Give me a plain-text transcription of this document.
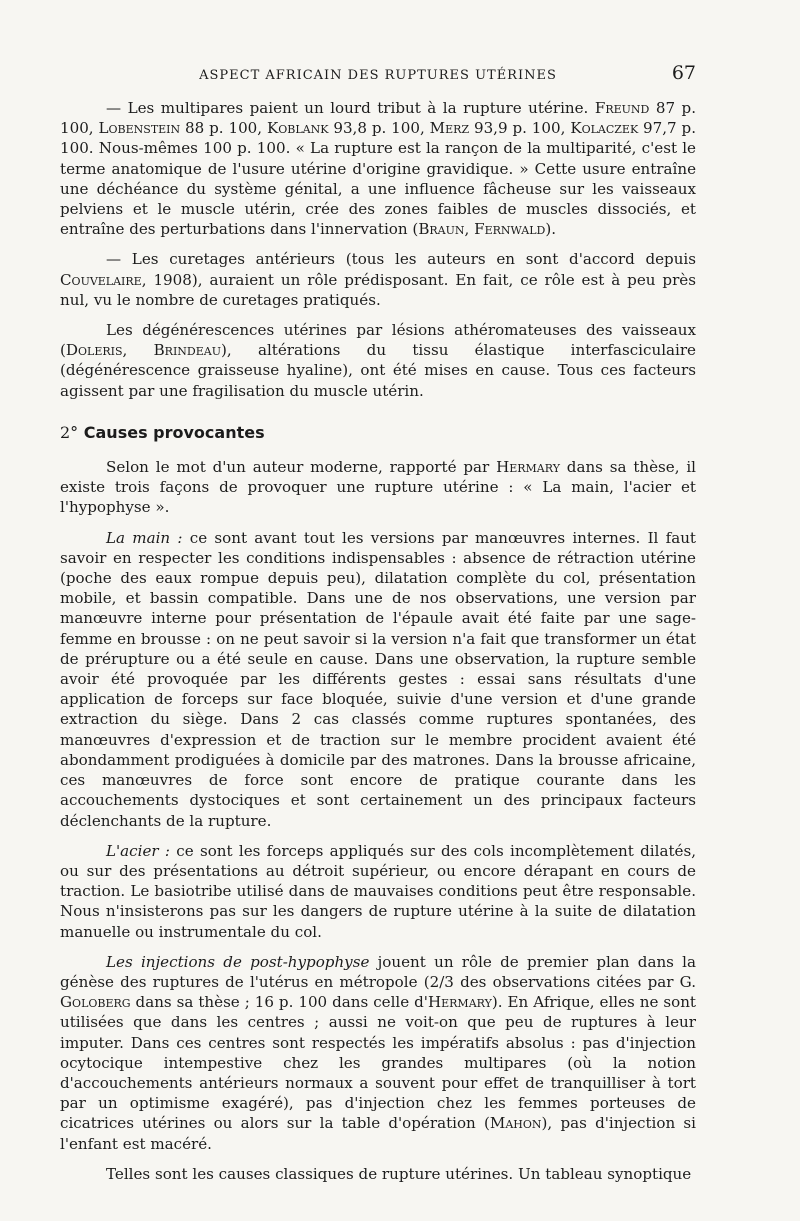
ASPECT AFRICAIN DES RUPTURES UTÉRINES	67

— Les multipares paient un lourd tribut à la rupture utérine. Freund 87 p. 100, Lobenstein 88 p. 100, Koblank 93,8 p. 100, Merz 93,9 p. 100, Kolaczek 97,7 p. 100. Nous-mêmes 100 p. 100. « La rupture est la rançon de la multiparité, c'est le terme anatomique de l'usure utérine d'origine gravidique. » Cette usure entraîne une déchéance du système génital, a une influence fâcheuse sur les vaisseaux pelviens et le muscle utérin, crée des zones faibles de muscles dissociés, et entraîne des perturbations dans l'innervation (Braun, Fernwald).

— Les curetages antérieurs (tous les auteurs en sont d'accord depuis Couvelaire, 1908), auraient un rôle prédisposant. En fait, ce rôle est à peu près nul, vu le nombre de curetages pratiqués.

Les dégénérescences utérines par lésions athéromateuses des vaisseaux (Doleris, Brindeau), altérations du tissu élastique interfasciculaire (dégénérescence graisseuse hyaline), ont été mises en cause. Tous ces facteurs agissent par une fragilisation du muscle utérin.

2° Causes provocantes

Selon le mot d'un auteur moderne, rapporté par Hermary dans sa thèse, il existe trois façons de provoquer une rupture utérine : « La main, l'acier et l'hypophyse ».

La main : ce sont avant tout les versions par manœuvres internes. Il faut savoir en respecter les conditions indispensables : absence de rétraction utérine (poche des eaux rompue depuis peu), dilatation complète du col, présentation mobile, et bassin compatible. Dans une de nos observations, une version par manœuvre interne pour présentation de l'épaule avait été faite par une sage-femme en brousse : on ne peut savoir si la version n'a fait que transformer un état de prérupture ou a été seule en cause. Dans une observation, la rupture semble avoir été provoquée par les différents gestes : essai sans résultats d'une application de forceps sur face bloquée, suivie d'une version et d'une grande extraction du siège. Dans 2 cas classés comme ruptures spontanées, des manœuvres d'expression et de traction sur le membre procident avaient été abondamment prodiguées à domicile par des matrones. Dans la brousse africaine, ces manœuvres de force sont encore de pratique courante dans les accouchements dystociques et sont certainement un des principaux facteurs déclenchants de la rupture.

L'acier : ce sont les forceps appliqués sur des cols incomplètement dilatés, ou sur des présentations au détroit supérieur, ou encore dérapant en cours de traction. Le basiotribe utilisé dans de mauvaises conditions peut être responsable. Nous n'insisterons pas sur les dangers de rupture utérine à la suite de dilatation manuelle ou instrumentale du col.

Les injections de post-hypophyse jouent un rôle de premier plan dans la génèse des ruptures de l'utérus en métropole (2/3 des observations citées par G. Goloberg dans sa thèse ; 16 p. 100 dans celle d'Hermary). En Afrique, elles ne sont utilisées que dans les centres ; aussi ne voit-on que peu de ruptures à leur imputer. Dans ces centres sont respectés les impératifs absolus : pas d'injection ocytocique intempestive chez les grandes multipares (où la notion d'accouchements antérieurs normaux a souvent pour effet de tranquilliser à tort par un optimisme exagéré), pas d'injection chez les femmes porteuses de cicatrices utérines ou alors sur la table d'opération (Mahon), pas d'injection si l'enfant est macéré.

Telles sont les causes classiques de rupture utérines. Un tableau synoptique
